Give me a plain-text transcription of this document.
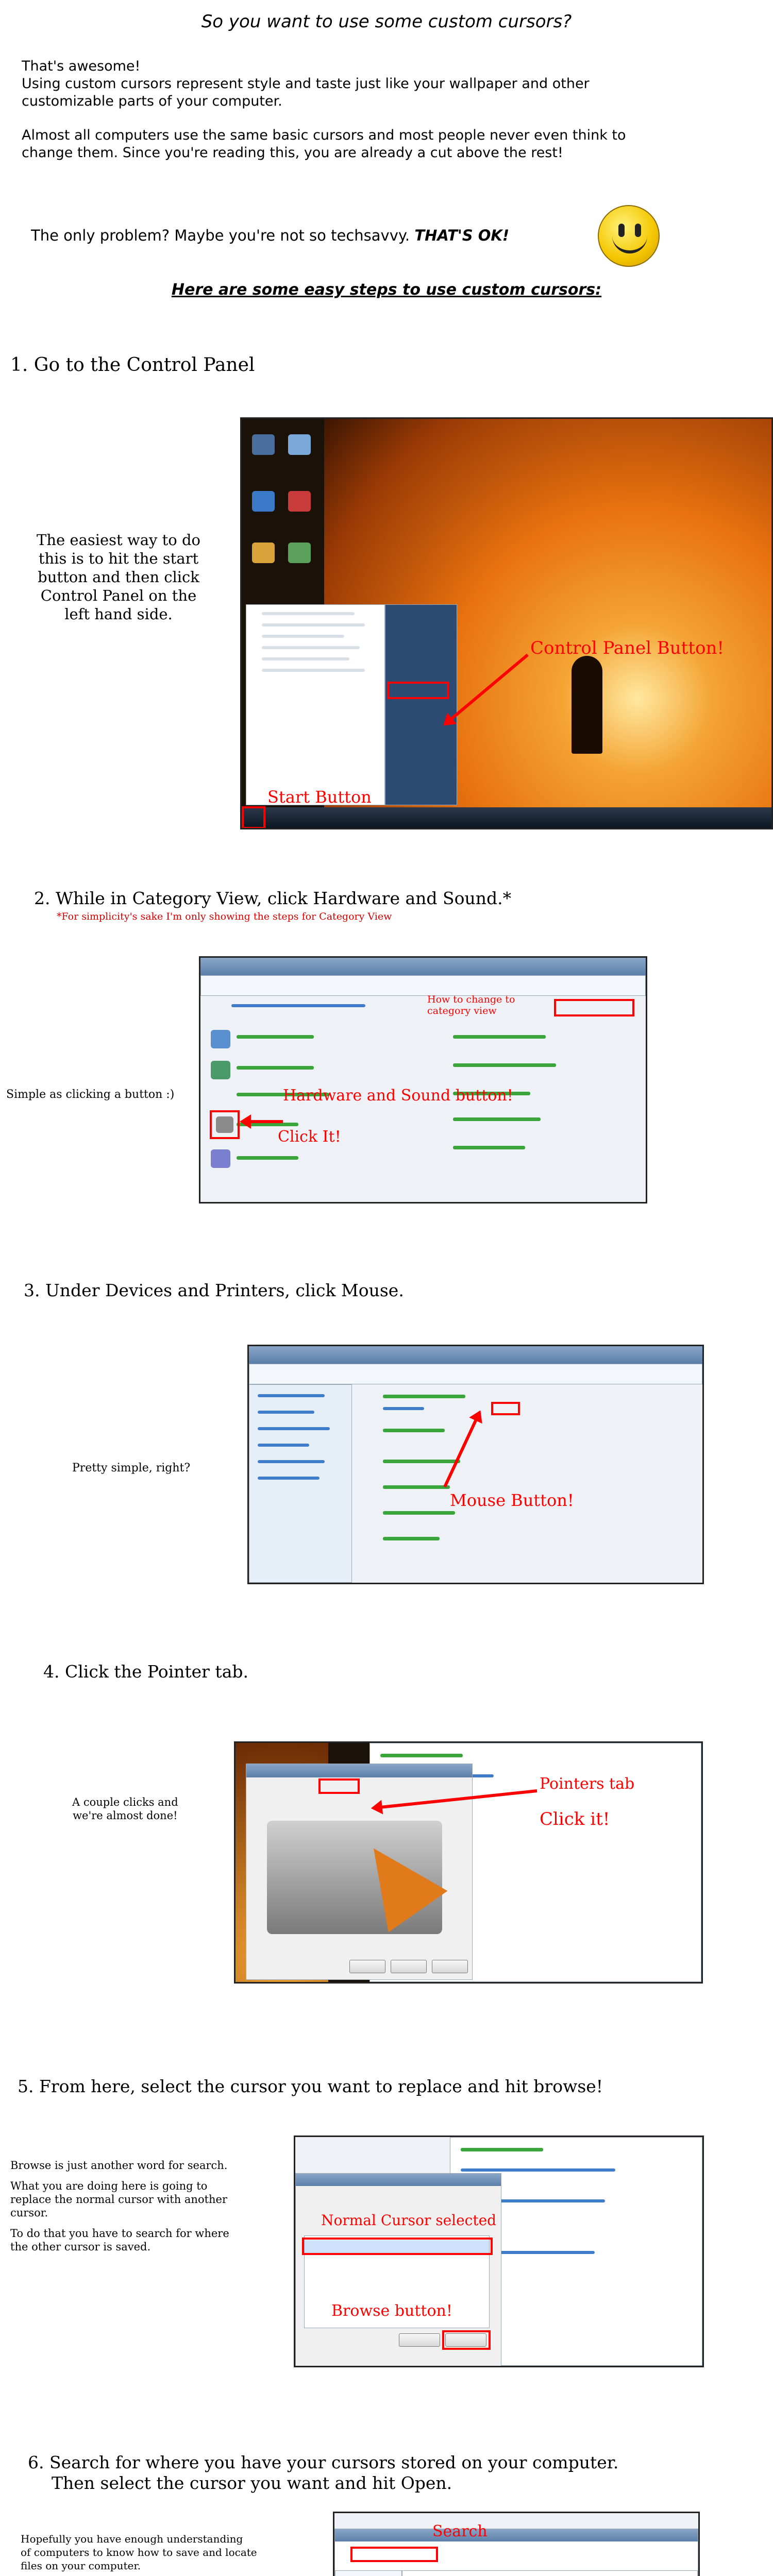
So you want to use some custom cursors?
That's awesome!
Using custom cursors represent style and taste just like your wallpaper and other
customizable parts of your computer.
Almost all computers use the same basic cursors and most people never even think to
change them. Since you're reading this, you are already a cut above the rest!
The only problem? Maybe you're not so techsavvy. THAT'S OK!
Here are some easy steps to use custom cursors:
1. Go to the Control Panel
The easiest way to do
this is to hit the start
button and then click
Control Panel on the
left hand side.
Control Panel Button!
Start Button
2. While in Category View, click Hardware and Sound.*
*For simplicity's sake I'm only showing the steps for Category View
Simple as clicking a button :)
How to change to
category view
Hardware and Sound button!
Click It!
3. Under Devices and Printers, click Mouse.
Pretty simple, right?
Mouse Button!
4. Click the Pointer tab.
A couple clicks and
we're almost done!
Pointers tab
Click it!
5. From here, select the cursor you want to replace and hit browse!
Browse is just another word for search.
What you are doing here is going to
replace the normal cursor with another
cursor.
To do that you have to search for where
the other cursor is saved.
Normal Cursor selected
Browse button!
6. Search for where you have your cursors stored on your computer.
Then select the cursor you want and hit Open.
Hopefully you have enough understanding
of computers to know how to save and locate
files on your computer.
Search
